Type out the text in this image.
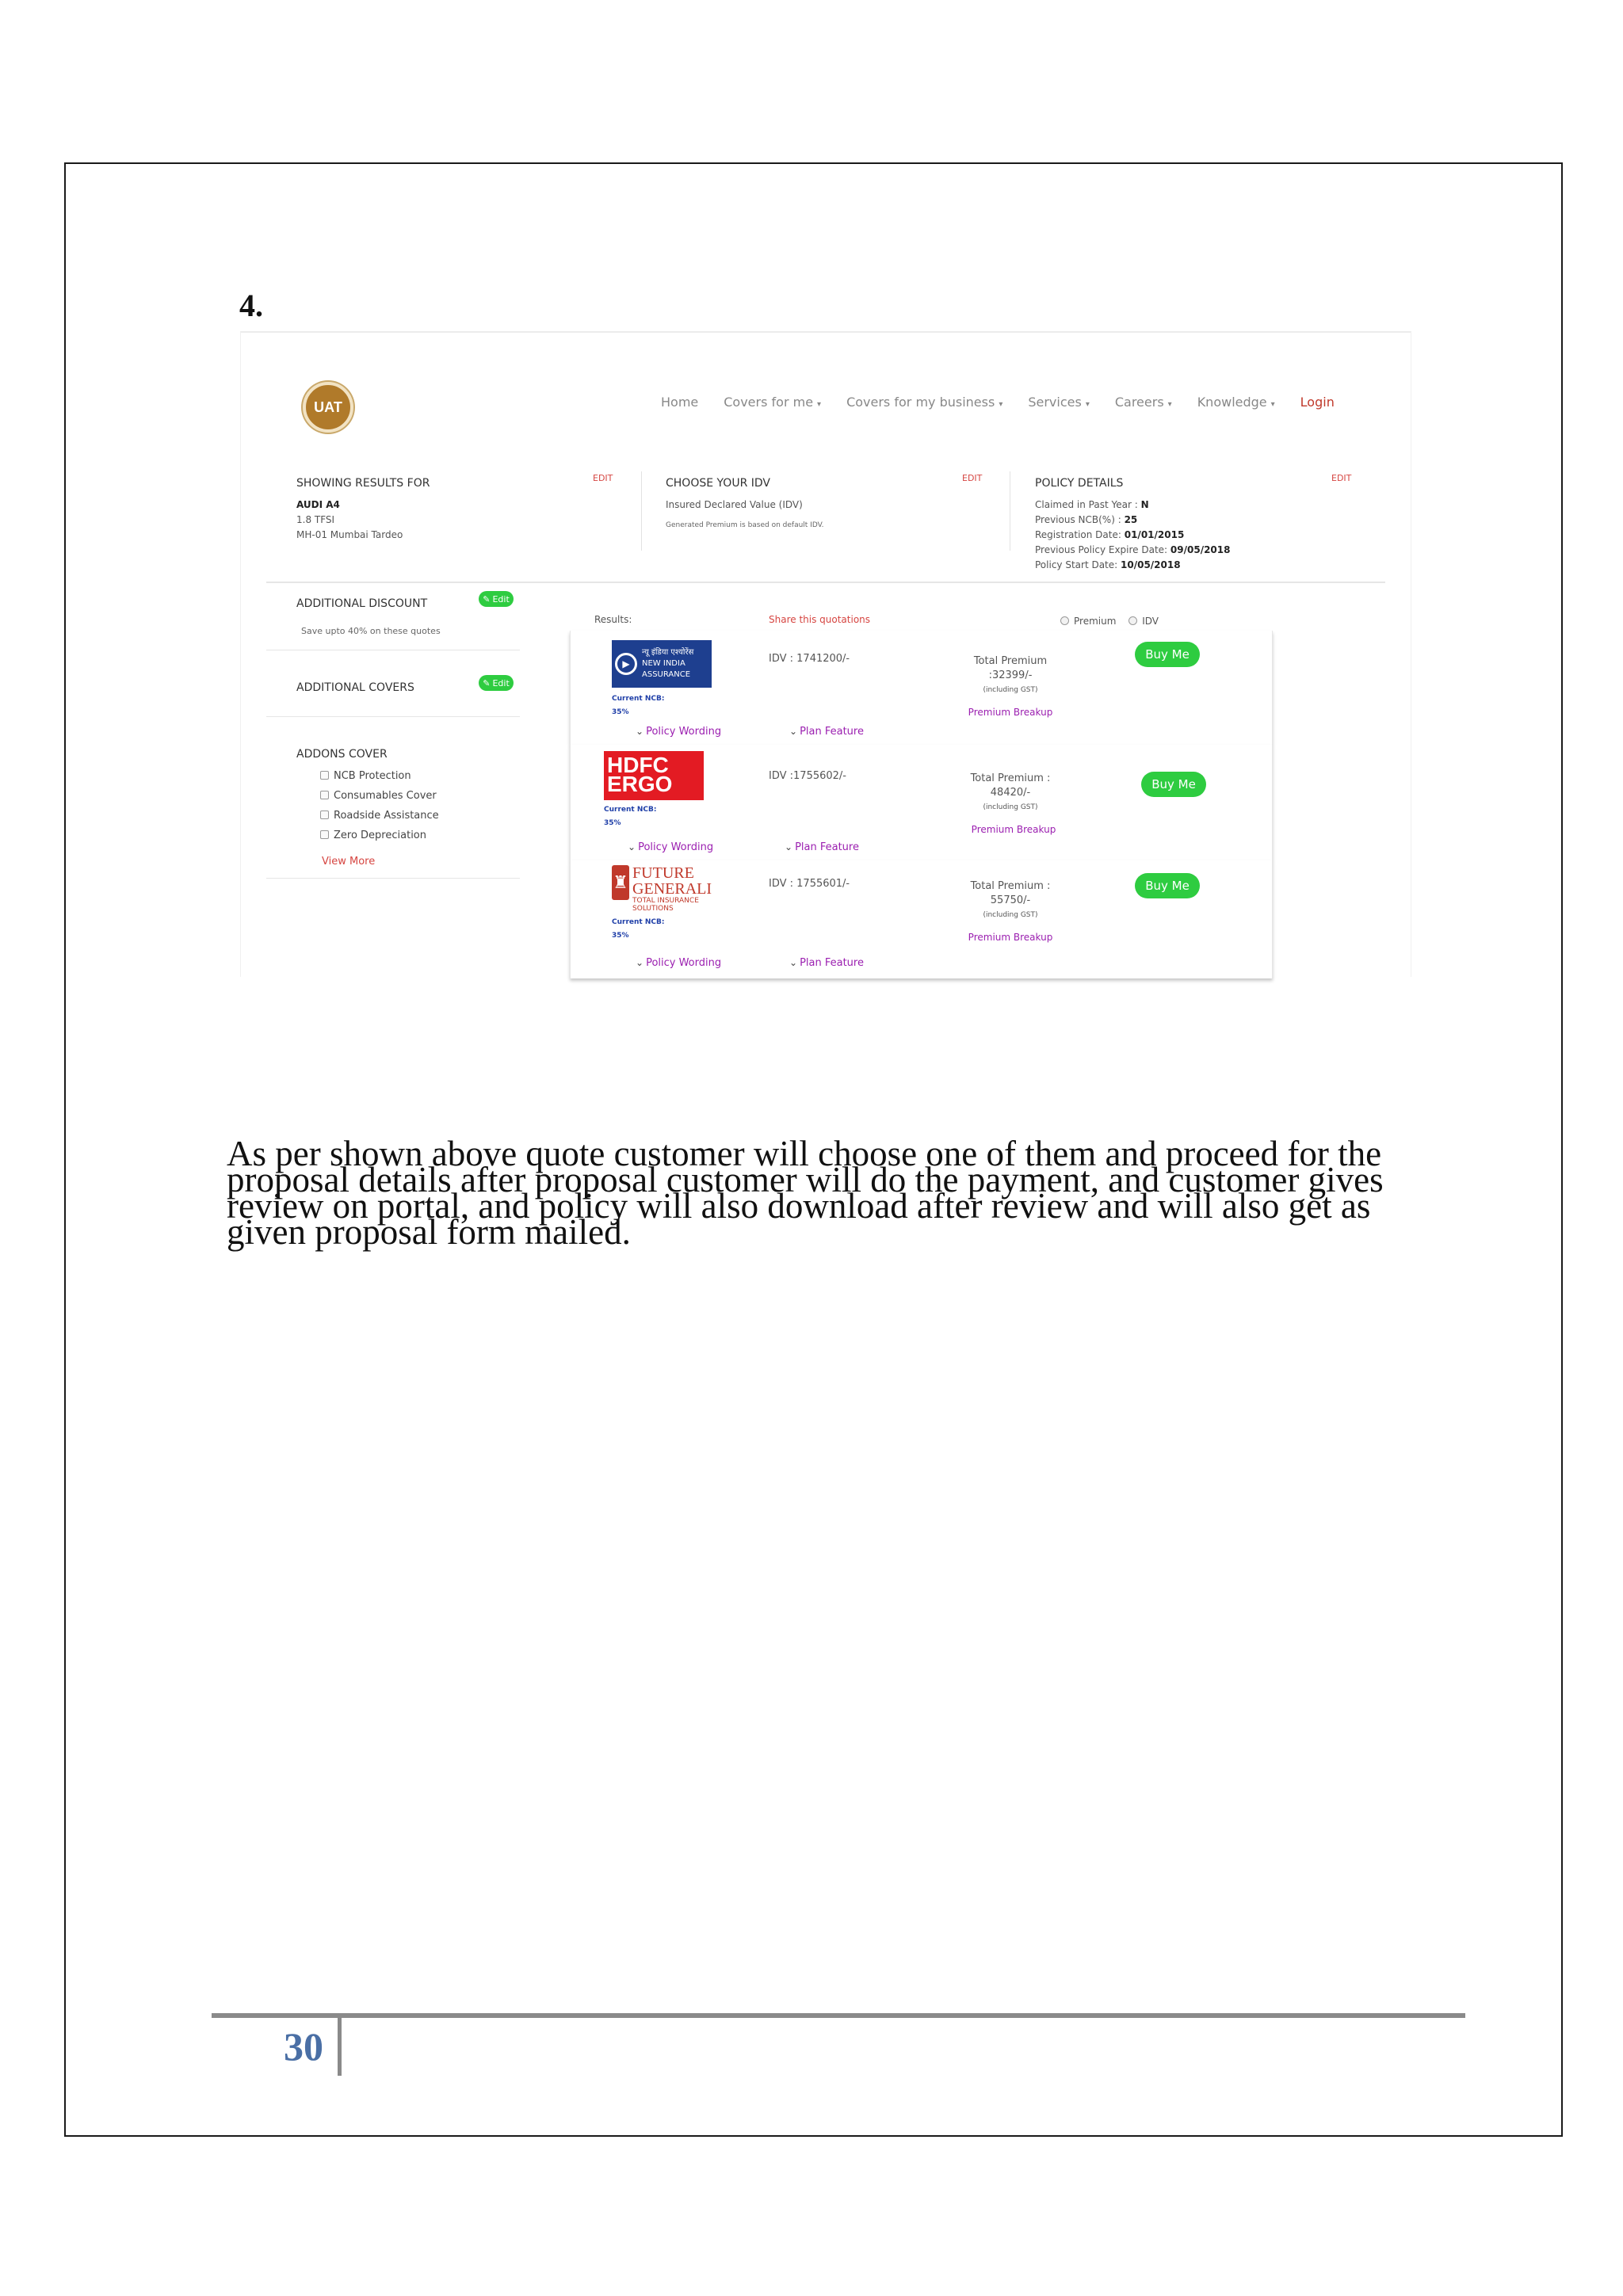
4.
UAT	Home Covers for me ▾ Covers for my business ▾ Services ▾ Careers ▾ Knowledge ▾ Login
SHOWING RESULTS FOR	EDIT
AUDI A4
1.8 TFSI
MH-01 Mumbai Tardeo
CHOOSE YOUR IDV	EDIT
Insured Declared Value (IDV)
Generated Premium is based on default IDV.
POLICY DETAILS	EDIT
Claimed in Past Year : N
Previous NCB(%) : 25
Registration Date: 01/01/2015
Previous Policy Expire Date: 09/05/2018
Policy Start Date: 10/05/2018
ADDITIONAL DISCOUNT	✎ Edit
Save upto 40% on these quotes
ADDITIONAL COVERS	✎ Edit
ADDONS COVER
NCB Protection
Consumables Cover
Roadside Assistance
Zero Depreciation
View More
Results:	Share this quotations	Premium	IDV
▶
न्यू इंडिया एश्योरेंस
NEW INDIA ASSURANCE
Current NCB:
35%
IDV : 1741200/-	Total Premium
:32399/-
(including GST)
Premium Breakup
Buy Me
⌄ Policy Wording	⌄ Plan Feature
HDFC
ERGO
Current NCB:
35%
IDV :1755602/-	Total Premium :
48420/-
(including GST)
Premium Breakup
Buy Me
⌄ Policy Wording	⌄ Plan Feature
♜ FUTURE GENERALI
TOTAL INSURANCE SOLUTIONS
Current NCB:
35%
IDV : 1755601/-	Total Premium :
55750/-
(including GST)
Premium Breakup
Buy Me
⌄ Policy Wording	⌄ Plan Feature
As per shown above quote customer will choose one of them and proceed for the proposal details after proposal customer will do the payment, and customer gives review on portal, and policy will also download after review and will also get as given proposal form mailed.
30
